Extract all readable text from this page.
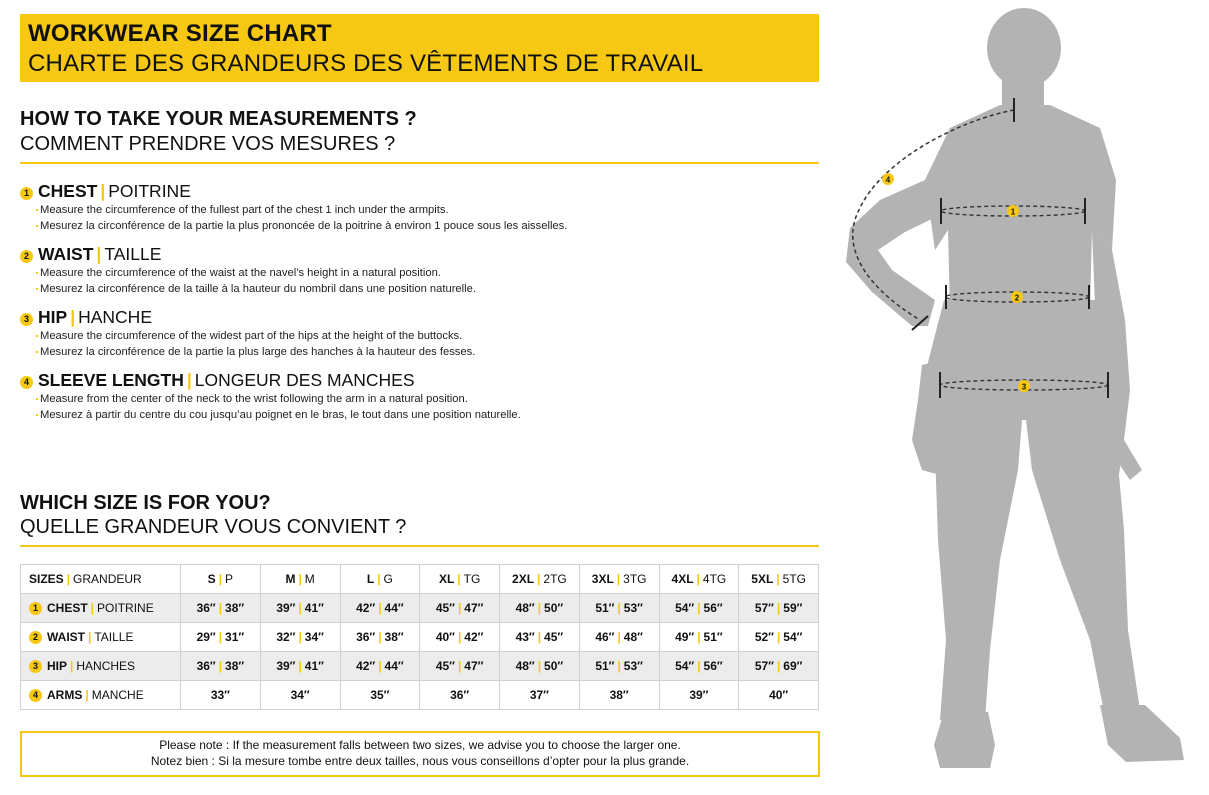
WORKWEAR SIZE CHART
CHARTE DES GRANDEURS DES VÊTEMENTS DE TRAVAIL
HOW TO TAKE YOUR MEASUREMENTS ?
COMMENT PRENDRE VOS MESURES ?
1 CHEST | POITRINE
Measure the circumference of the fullest part of the chest 1 inch under the armpits.
Mesurez la circonférence de la partie la plus prononcée de la poitrine à environ 1 pouce sous les aisselles.
2 WAIST | TAILLE
Measure the circumference of the waist at the navel’s height in a natural position.
Mesurez la circonférence de la taille à la hauteur du nombril dans une position naturelle.
3 HIP | HANCHE
Measure the circumference of the widest part of the hips at the height of the buttocks.
Mesurez la circonférence de la partie la plus large des hanches à la hauteur des fesses.
4 SLEEVE LENGTH | LONGEUR DES MANCHES
Measure from the center of the neck to the wrist following the arm in a natural position.
Mesurez à partir du centre du cou jusqu’au poignet en le bras, le tout dans une position naturelle.
WHICH SIZE IS FOR YOU?
QUELLE GRANDEUR VOUS CONVIENT ?
SIZES | GRANDEUR	S | P	M | M	L | G	XL | TG	2XL | 2TG	3XL | 3TG	4XL | 4TG	5XL | 5TG
1 CHEST | POITRINE	36″ | 38″	39″ | 41″	42″ | 44″	45″ | 47″	48″ | 50″	51″ | 53″	54″ | 56″	57″ | 59″
2 WAIST | TAILLE	29″ | 31″	32″ | 34″	36″ | 38″	40″ | 42″	43″ | 45″	46″ | 48″	49″ | 51″	52″ | 54″
3 HIP | HANCHES	36″ | 38″	39″ | 41″	42″ | 44″	45″ | 47″	48″ | 50″	51″ | 53″	54″ | 56″	57″ | 69″
4 ARMS | MANCHE	33″	34″	35″	36″	37″	38″	39″	40″
Please note : If the measurement falls between two sizes, we advise you to choose the larger one.
Notez bien : Si la mesure tombe entre deux tailles, nous vous conseillons d’opter pour la plus grande.
1
2
3
4
